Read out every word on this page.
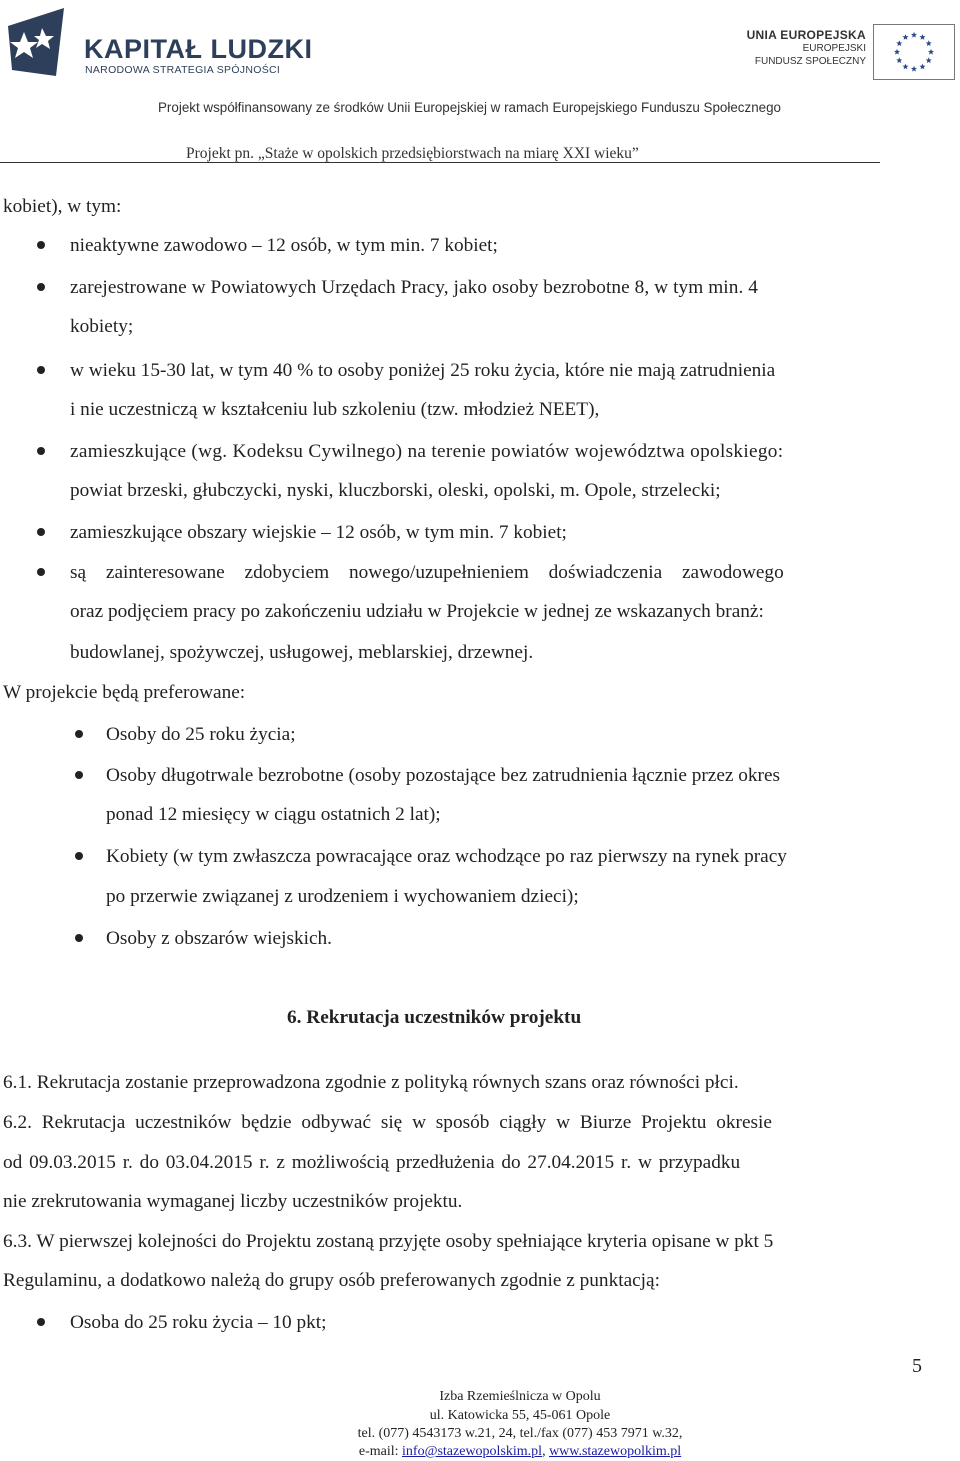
KAPITAŁ LUDZKI
NARODOWA STRATEGIA SPÓJNOŚCI
UNIA EUROPEJSKA
EUROPEJSKI
FUNDUSZ SPOŁECZNY
Projekt współfinansowany ze środków Unii Europejskiej w ramach Europejskiego Funduszu Społecznego
Projekt pn. „Staże w opolskich przedsiębiorstwach na miarę XXI wieku”
kobiet), w tym:
nieaktywne zawodowo – 12 osób, w tym min. 7 kobiet;
zarejestrowane w Powiatowych Urzędach Pracy, jako osoby bezrobotne 8, w tym min. 4
kobiety;
w wieku 15-30 lat, w tym 40 % to osoby poniżej 25 roku życia, które nie mają zatrudnienia
i nie uczestniczą w kształceniu lub szkoleniu (tzw. młodzież NEET),
zamieszkujące (wg. Kodeksu Cywilnego) na terenie powiatów województwa opolskiego:
powiat brzeski, głubczycki, nyski, kluczborski, oleski, opolski, m. Opole, strzelecki;
zamieszkujące obszary wiejskie – 12 osób, w tym min. 7 kobiet;
są zainteresowane zdobyciem nowego/uzupełnieniem doświadczenia zawodowego
oraz podjęciem pracy po zakończeniu udziału w Projekcie w jednej ze wskazanych branż:
budowlanej, spożywczej, usługowej, meblarskiej, drzewnej.
W projekcie będą preferowane:
Osoby do 25 roku życia;
Osoby długotrwale bezrobotne (osoby pozostające bez zatrudnienia łącznie przez okres
ponad 12 miesięcy w ciągu ostatnich 2 lat);
Kobiety (w tym zwłaszcza powracające oraz wchodzące po raz pierwszy na rynek pracy
po przerwie związanej z urodzeniem i wychowaniem dzieci);
Osoby z obszarów wiejskich.
6. Rekrutacja uczestników projektu
6.1. Rekrutacja zostanie przeprowadzona zgodnie z polityką równych szans oraz równości płci.
6.2. Rekrutacja uczestników będzie odbywać się w sposób ciągły w Biurze Projektu okresie
od 09.03.2015 r. do 03.04.2015 r. z możliwością przedłużenia do 27.04.2015 r. w przypadku
nie zrekrutowania wymaganej liczby uczestników projektu.
6.3. W pierwszej kolejności do Projektu zostaną przyjęte osoby spełniające kryteria opisane w pkt 5
Regulaminu, a dodatkowo należą do grupy osób preferowanych zgodnie z punktacją:
Osoba do 25 roku życia – 10 pkt;
5
Izba Rzemieślnicza w Opolu
ul. Katowicka 55, 45-061 Opole
tel. (077) 4543173 w.21, 24, tel./fax (077) 453 7971 w.32,
e-mail: info@stazewopolskim.pl, www.stazewopolkim.pl
